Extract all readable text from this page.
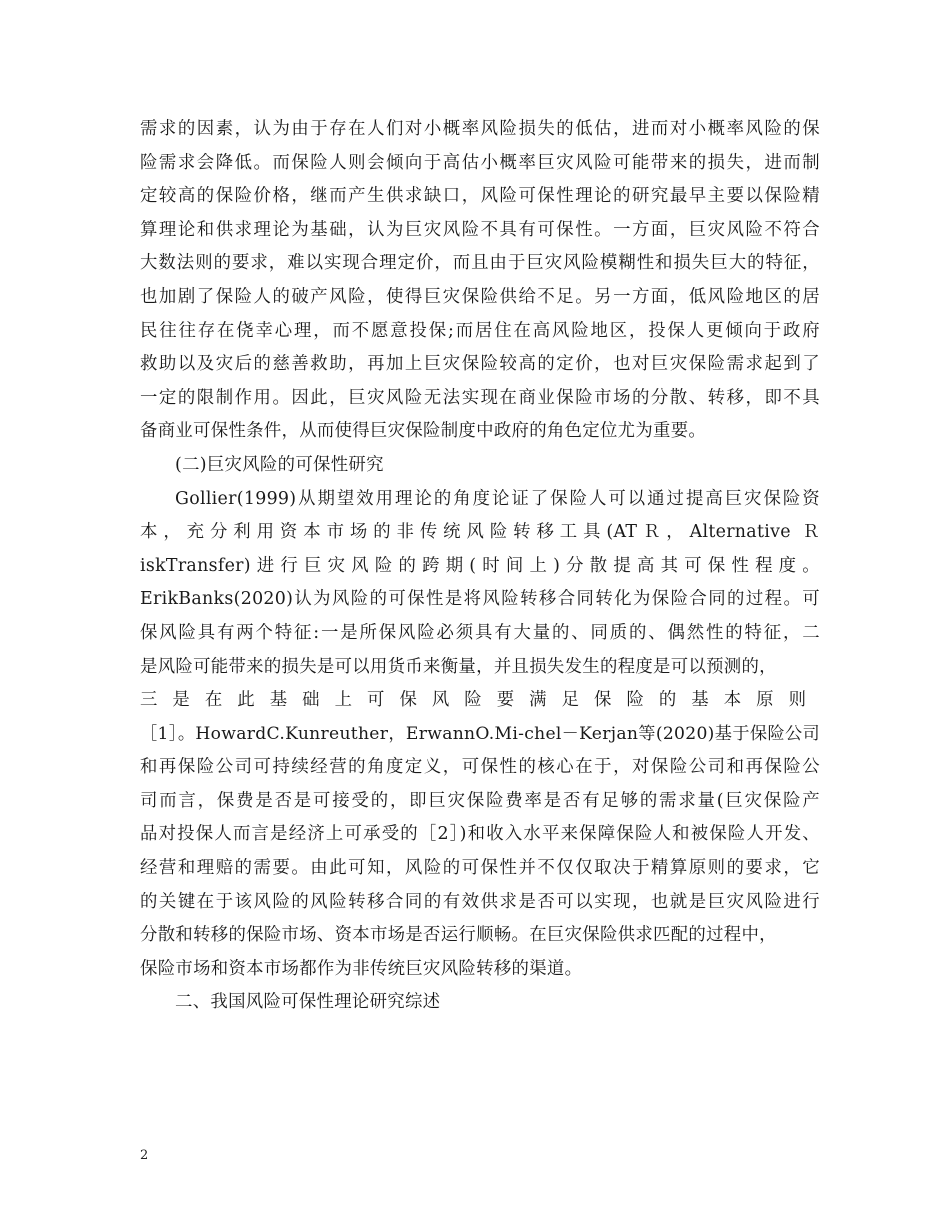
需求的因素，认为由于存在人们对小概率风险损失的低估，进而对小概率风险的保
险需求会降低。而保险人则会倾向于高估小概率巨灾风险可能带来的损失，进而制
定较高的保险价格，继而产生供求缺口，风险可保性理论的研究最早主要以保险精
算理论和供求理论为基础，认为巨灾风险不具有可保性。一方面，巨灾风险不符合
大数法则的要求，难以实现合理定价，而且由于巨灾风险模糊性和损失巨大的特征，
也加剧了保险人的破产风险，使得巨灾保险供给不足。另一方面，低风险地区的居
民往往存在侥幸心理，而不愿意投保;而居住在高风险地区，投保人更倾向于政府
救助以及灾后的慈善救助，再加上巨灾保险较高的定价，也对巨灾保险需求起到了
一定的限制作用。因此，巨灾风险无法实现在商业保险市场的分散、转移，即不具
备商业可保性条件，从而使得巨灾保险制度中政府的角色定位尤为重要。
(二)巨灾风险的可保性研究
Gollier(1999)从期望效用理论的角度论证了保险人可以通过提高巨灾保险资
本，充分利用资本市场的非传统风险转移工具(ATＲ，Alternative Ｒ
iskTransfer)进行巨灾风险的跨期(时间上)分散提高其可保性程度。
ErikBanks(2020)认为风险的可保性是将风险转移合同转化为保险合同的过程。可
保风险具有两个特征:一是所保风险必须具有大量的、同质的、偶然性的特征，二
是风险可能带来的损失是可以用货币来衡量，并且损失发生的程度是可以预测的，
三是在此基础上可保风险要满足保险的基本原则
［1］。HowardC.Kunreuther，ErwannO.Mi-chel－Kerjan等(2020)基于保险公司
和再保险公司可持续经营的角度定义，可保性的核心在于，对保险公司和再保险公
司而言，保费是否是可接受的，即巨灾保险费率是否有足够的需求量(巨灾保险产
品对投保人而言是经济上可承受的［2］)和收入水平来保障保险人和被保险人开发、
经营和理赔的需要。由此可知，风险的可保性并不仅仅取决于精算原则的要求，它
的关键在于该风险的风险转移合同的有效供求是否可以实现，也就是巨灾风险进行
分散和转移的保险市场、资本市场是否运行顺畅。在巨灾保险供求匹配的过程中，
保险市场和资本市场都作为非传统巨灾风险转移的渠道。
二、我国风险可保性理论研究综述
2
